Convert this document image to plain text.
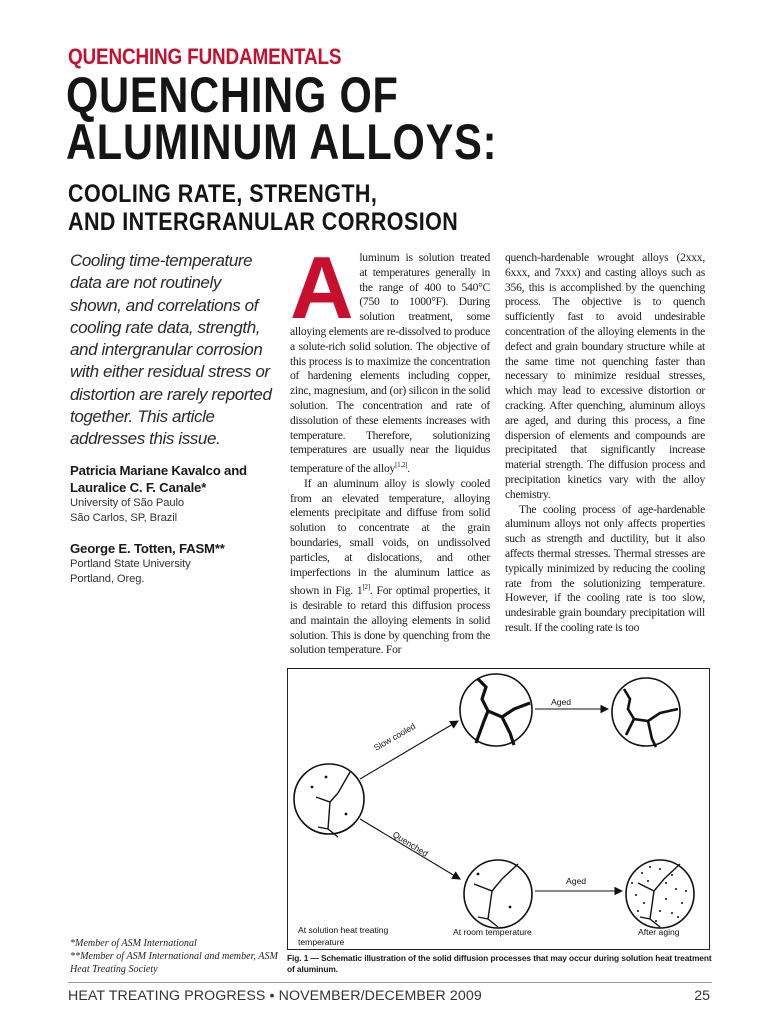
QUENCHING FUNDAMENTALS
QUENCHING OF
ALUMINUM ALLOYS:
COOLING RATE, STRENGTH,
AND INTERGRANULAR CORROSION

Cooling time-temperature data are not routinely shown, and correlations of cooling rate data, strength, and intergranular corrosion with either residual stress or distortion are rarely reported together. This article addresses this issue.

Patricia Mariane Kavalco and Lauralice C. F. Canale*
University of São Paulo
São Carlos, SP, Brazil
George E. Totten, FASM**
Portland State University
Portland, Oreg.
*Member of ASM International
**Member of ASM International and member, ASM Heat Treating Society

Aluminum is solution treated at temperatures generally in the range of 400 to 540°C (750 to 1000°F). During solution treatment, some alloying elements are re-dissolved to produce a solute-rich solid solution. The objective of this process is to maximize the concentration of hardening elements including copper, zinc, magnesium, and (or) silicon in the solid solution. The concentration and rate of dissolution of these elements increases with temperature. Therefore, solutionizing temperatures are usually near the liquidus temperature of the alloy[1,2].

If an aluminum alloy is slowly cooled from an elevated temperature, alloying elements precipitate and diffuse from solid solution to concentrate at the grain boundaries, small voids, on undissolved particles, at dislocations, and other imperfections in the aluminum lattice as shown in Fig. 1[2]. For optimal properties, it is desirable to retard this diffusion process and maintain the alloying elements in solid solution. This is done by quenching from the solution temperature. For

quench-hardenable wrought alloys (2xxx, 6xxx, and 7xxx) and casting alloys such as 356, this is accomplished by the quenching process. The objective is to quench sufficiently fast to avoid undesirable concentration of the alloying elements in the defect and grain boundary structure while at the same time not quenching faster than necessary to minimize residual stresses, which may lead to excessive distortion or cracking. After quenching, aluminum alloys are aged, and during this process, a fine dispersion of elements and compounds are precipitated that significantly increase material strength. The diffusion process and precipitation kinetics vary with the alloy chemistry.

The cooling process of age-hardenable aluminum alloys not only affects properties such as strength and ductility, but it also affects thermal stresses. Thermal stresses are typically minimized by reducing the cooling rate from the solutionizing temperature. However, if the cooling rate is too slow, undesirable grain boundary precipitation will result. If the cooling rate is too

Slow cooled
Quenched
Aged
Aged
At solution heat treating
temperature
At room temperature	After aging
Fig. 1 — Schematic illustration of the solid diffusion processes that may occur during solution heat treatment of aluminum.
HEAT TREATING PROGRESS • NOVEMBER/DECEMBER 2009	25
